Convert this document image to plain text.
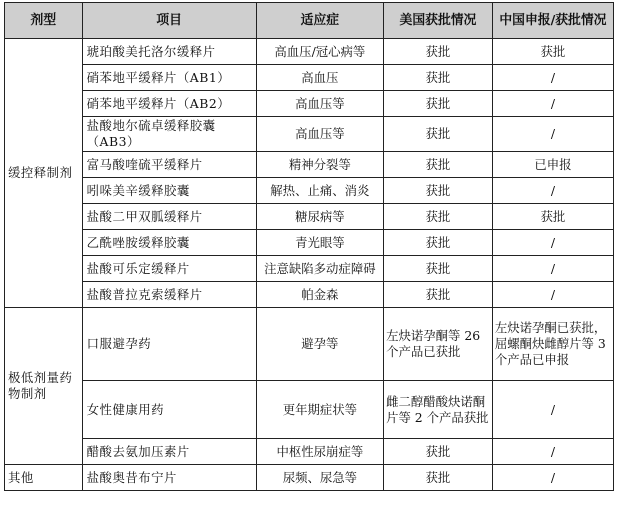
剂型	项目	适应症	美国获批情况	中国申报/获批情况
缓控释制剂	琥珀酸美托洛尔缓释片	高血压/冠心病等	获批	获批
	硝苯地平缓释片（AB1）	高血压	获批	/
	硝苯地平缓释片（AB2）	高血压等	获批	/
	盐酸地尔硫卓缓释胶囊（AB3）	高血压等	获批	/
	富马酸喹硫平缓释片	精神分裂等	获批	已申报
	吲哚美辛缓释胶囊	解热、止痛、消炎	获批	/
	盐酸二甲双胍缓释片	糖尿病等	获批	获批
	乙酰唑胺缓释胶囊	青光眼等	获批	/
	盐酸可乐定缓释片	注意缺陷多动症障碍	获批	/
	盐酸普拉克索缓释片	帕金森	获批	/
极低剂量药物制剂	口服避孕药	避孕等	左炔诺孕酮等 26 个产品已获批	左炔诺孕酮已获批，屈螺酮炔雌醇片等 3 个产品已申报
	女性健康用药	更年期症状等	雌二醇醋酸炔诺酮片等 2 个产品获批	/
	醋酸去氨加压素片	中枢性尿崩症等	获批	/
其他	盐酸奥昔布宁片	尿频、尿急等	获批	/
